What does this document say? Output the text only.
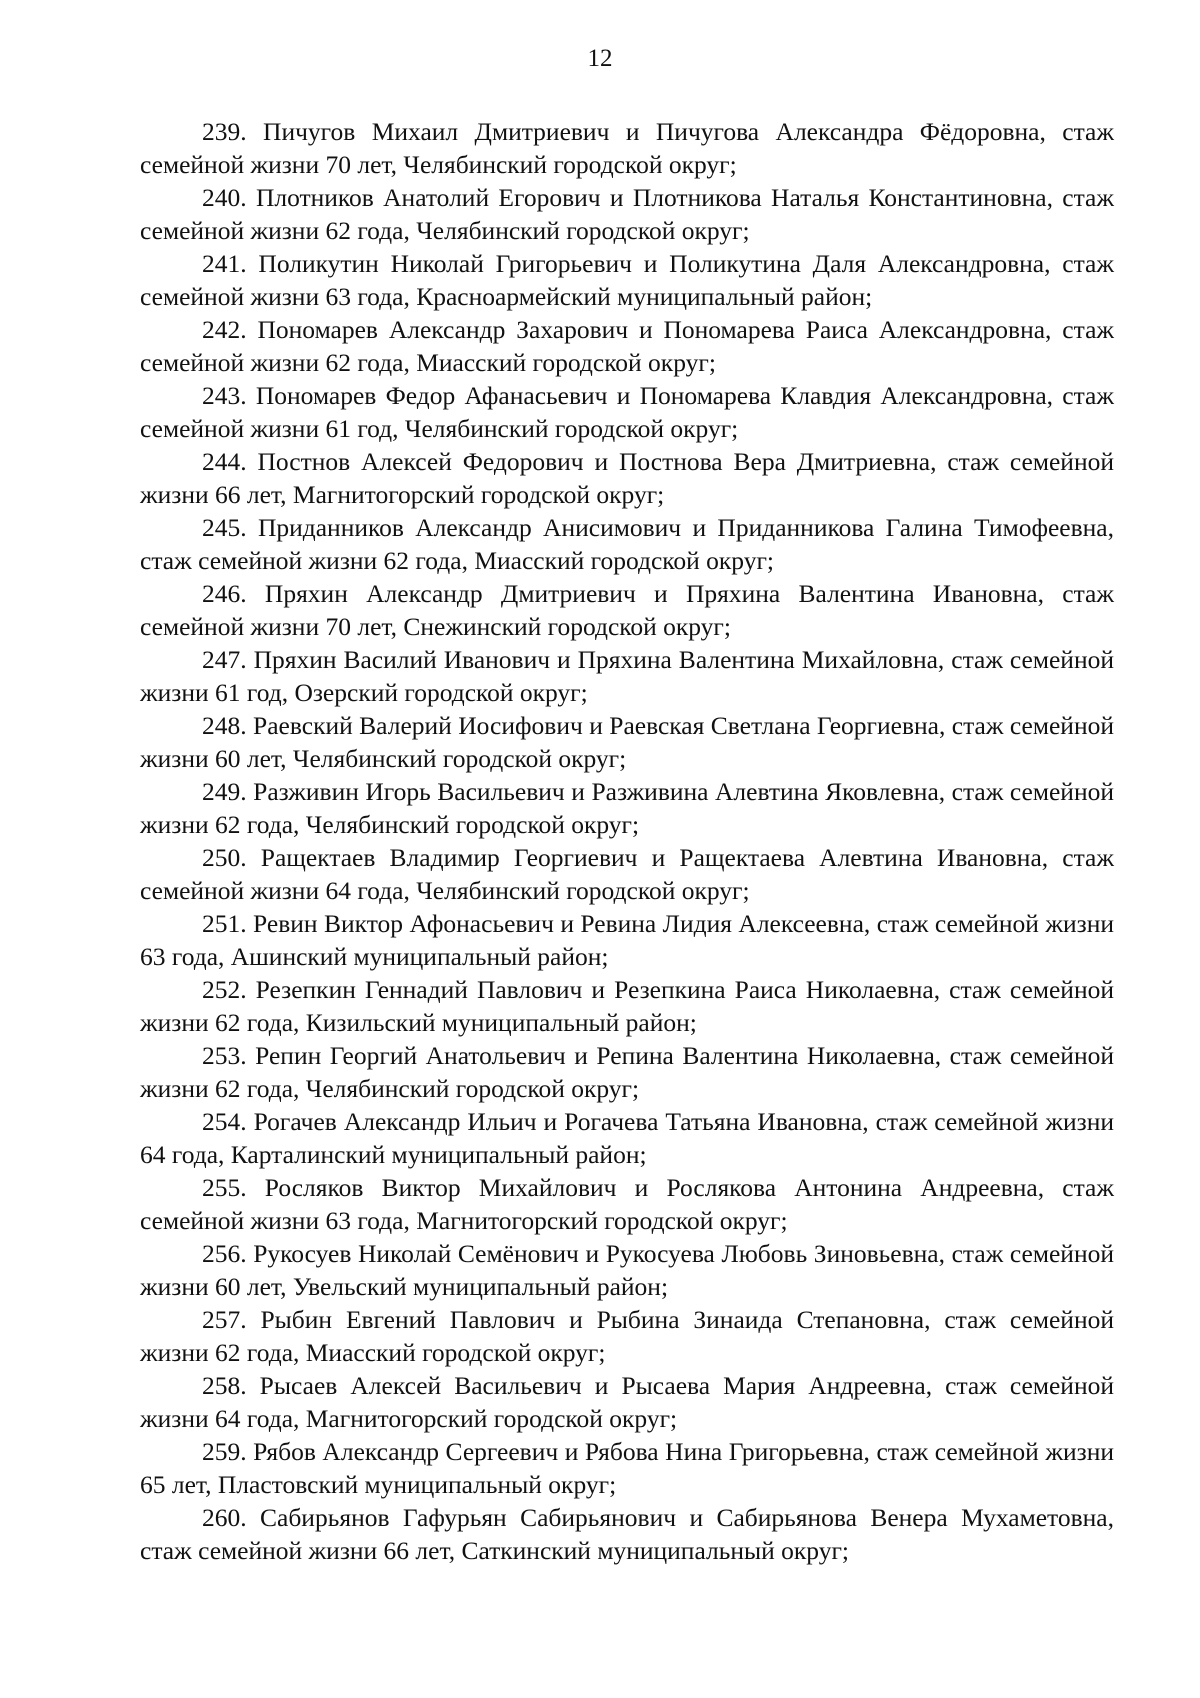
12

239. Пичугов Михаил Дмитриевич и Пичугова Александра Фёдоровна, стаж семейной жизни 70 лет, Челябинский городской округ;

240. Плотников Анатолий Егорович и Плотникова Наталья Константиновна, стаж семейной жизни 62 года, Челябинский городской округ;

241. Поликутин Николай Григорьевич и Поликутина Даля Александровна, стаж семейной жизни 63 года, Красноармейский муниципальный район;

242. Пономарев Александр Захарович и Пономарева Раиса Александровна, стаж семейной жизни 62 года, Миасский городской округ;

243. Пономарев Федор Афанасьевич и Пономарева Клавдия Александровна, стаж семейной жизни 61 год, Челябинский городской округ;

244. Постнов Алексей Федорович и Постнова Вера Дмитриевна, стаж семейной жизни 66 лет, Магнитогорский городской округ;

245. Приданников Александр Анисимович и Приданникова Галина Тимофеевна, стаж семейной жизни 62 года, Миасский городской округ;

246. Пряхин Александр Дмитриевич и Пряхина Валентина Ивановна, стаж семейной жизни 70 лет, Снежинский городской округ;

247. Пряхин Василий Иванович и Пряхина Валентина Михайловна, стаж семейной жизни 61 год, Озерский городской округ;

248. Раевский Валерий Иосифович и Раевская Светлана Георгиевна, стаж семейной жизни 60 лет, Челябинский городской округ;

249. Разживин Игорь Васильевич и Разживина Алевтина Яковлевна, стаж семейной жизни 62 года, Челябинский городской округ;

250. Ращектаев Владимир Георгиевич и Ращектаева Алевтина Ивановна, стаж семейной жизни 64 года, Челябинский городской округ;

251. Ревин Виктор Афонасьевич и Ревина Лидия Алексеевна, стаж семейной жизни 63 года, Ашинский муниципальный район;

252. Резепкин Геннадий Павлович и Резепкина Раиса Николаевна, стаж семейной жизни 62 года, Кизильский муниципальный район;

253. Репин Георгий Анатольевич и Репина Валентина Николаевна, стаж семейной жизни 62 года, Челябинский городской округ;

254. Рогачев Александр Ильич и Рогачева Татьяна Ивановна, стаж семейной жизни 64 года, Карталинский муниципальный район;

255. Росляков Виктор Михайлович и Рослякова Антонина Андреевна, стаж семейной жизни 63 года, Магнитогорский городской округ;

256. Рукосуев Николай Семёнович и Рукосуева Любовь Зиновьевна, стаж семейной жизни 60 лет, Увельский муниципальный район;

257. Рыбин Евгений Павлович и Рыбина Зинаида Степановна, стаж семейной жизни 62 года, Миасский городской округ;

258. Рысаев Алексей Васильевич и Рысаева Мария Андреевна, стаж семейной жизни 64 года, Магнитогорский городской округ;

259. Рябов Александр Сергеевич и Рябова Нина Григорьевна, стаж семейной жизни 65 лет, Пластовский муниципальный округ;

260. Сабирьянов Гафурьян Сабирьянович и Сабирьянова Венера Мухаметовна, стаж семейной жизни 66 лет, Саткинский муниципальный округ;
